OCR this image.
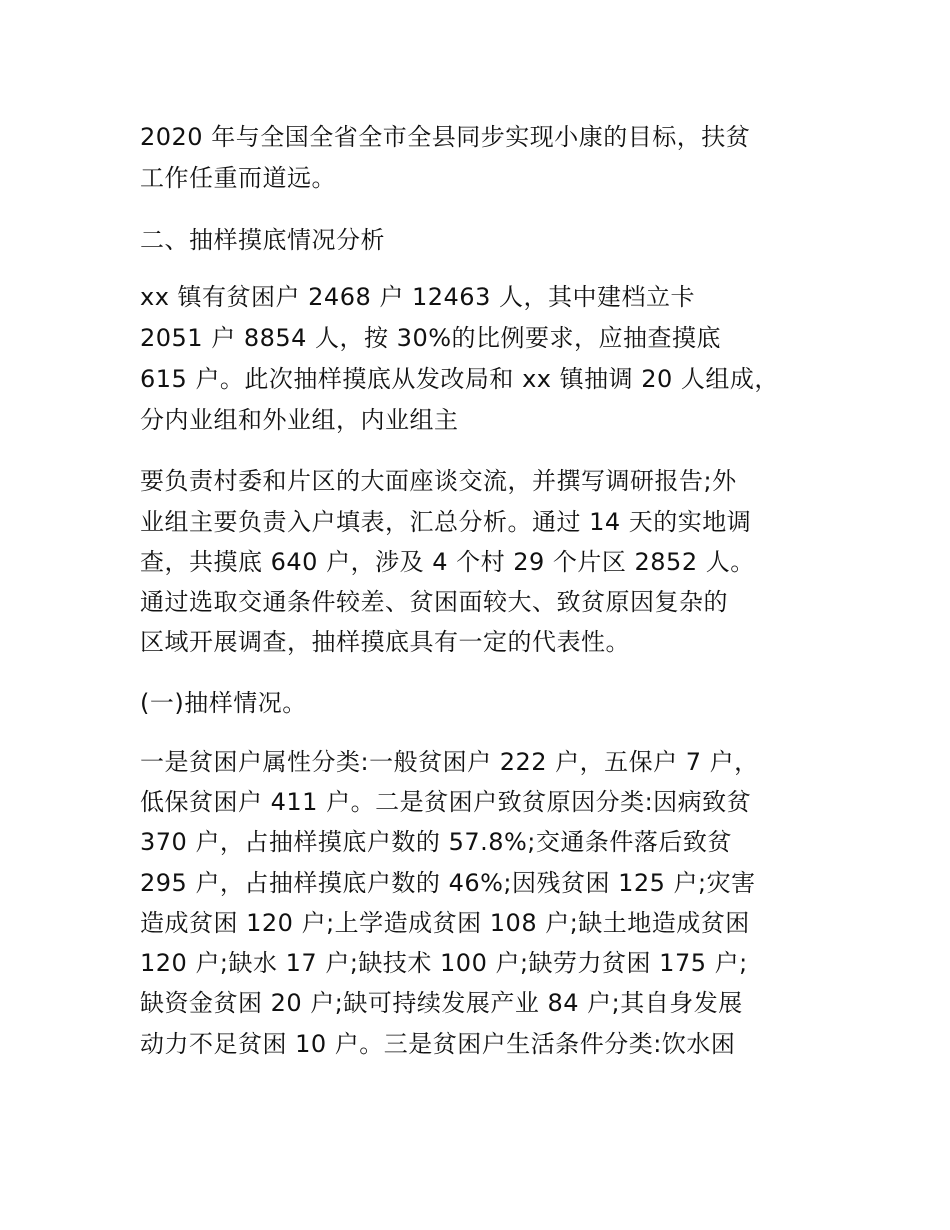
2020 年与全国全省全市全县同步实现小康的目标，扶贫
工作任重而道远。
二、抽样摸底情况分析
xx 镇有贫困户 2468 户 12463 人，其中建档立卡
2051 户 8854 人，按 30%的比例要求，应抽查摸底
615 户。此次抽样摸底从发改局和 xx 镇抽调 20 人组成，
分内业组和外业组，内业组主
要负责村委和片区的大面座谈交流，并撰写调研报告;外
业组主要负责入户填表，汇总分析。通过 14 天的实地调
查，共摸底 640 户，涉及 4 个村 29 个片区 2852 人。
通过选取交通条件较差、贫困面较大、致贫原因复杂的
区域开展调查，抽样摸底具有一定的代表性。
(一)抽样情况。
一是贫困户属性分类:一般贫困户 222 户，五保户 7 户，
低保贫困户 411 户。二是贫困户致贫原因分类:因病致贫
370 户，占抽样摸底户数的 57.8%;交通条件落后致贫
295 户，占抽样摸底户数的 46%;因残贫困 125 户;灾害
造成贫困 120 户;上学造成贫困 108 户;缺土地造成贫困
120 户;缺水 17 户;缺技术 100 户;缺劳力贫困 175 户;
缺资金贫困 20 户;缺可持续发展产业 84 户;其自身发展
动力不足贫困 10 户。三是贫困户生活条件分类:饮水困
